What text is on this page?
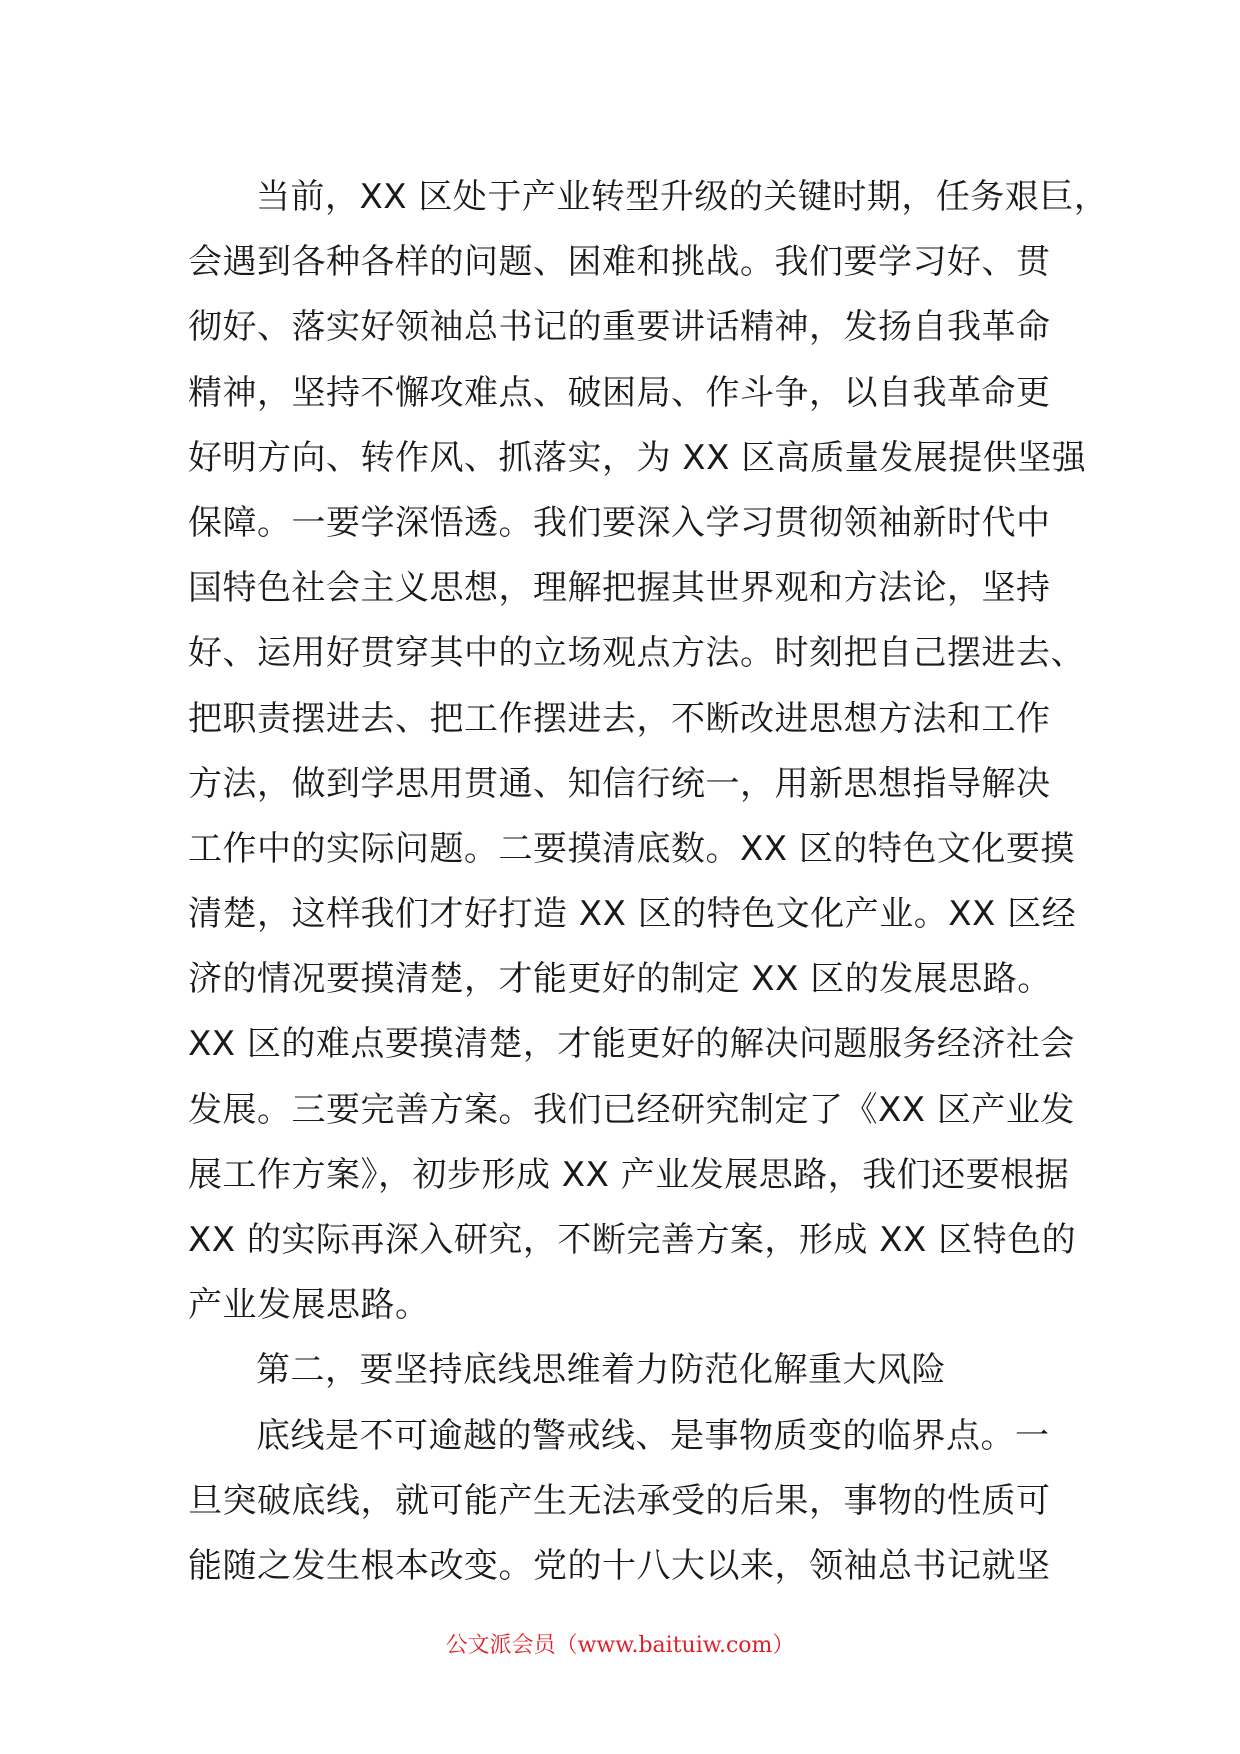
当前，XX 区处于产业转型升级的关键时期，任务艰巨，
会遇到各种各样的问题、困难和挑战。我们要学习好、贯
彻好、落实好领袖总书记的重要讲话精神，发扬自我革命
精神，坚持不懈攻难点、破困局、作斗争，以自我革命更
好明方向、转作风、抓落实，为 XX 区高质量发展提供坚强
保障。一要学深悟透。我们要深入学习贯彻领袖新时代中
国特色社会主义思想，理解把握其世界观和方法论，坚持
好、运用好贯穿其中的立场观点方法。时刻把自己摆进去、
把职责摆进去、把工作摆进去，不断改进思想方法和工作
方法，做到学思用贯通、知信行统一，用新思想指导解决
工作中的实际问题。二要摸清底数。XX 区的特色文化要摸
清楚，这样我们才好打造 XX 区的特色文化产业。XX 区经
济的情况要摸清楚，才能更好的制定 XX 区的发展思路。
XX 区的难点要摸清楚，才能更好的解决问题服务经济社会
发展。三要完善方案。我们已经研究制定了《XX 区产业发
展工作方案》，初步形成 XX 产业发展思路，我们还要根据
XX 的实际再深入研究，不断完善方案，形成 XX 区特色的
产业发展思路。
第二，要坚持底线思维着力防范化解重大风险
底线是不可逾越的警戒线、是事物质变的临界点。一
旦突破底线，就可能产生无法承受的后果，事物的性质可
能随之发生根本改变。党的十八大以来，领袖总书记就坚
公文派会员（www.baituiw.com）
